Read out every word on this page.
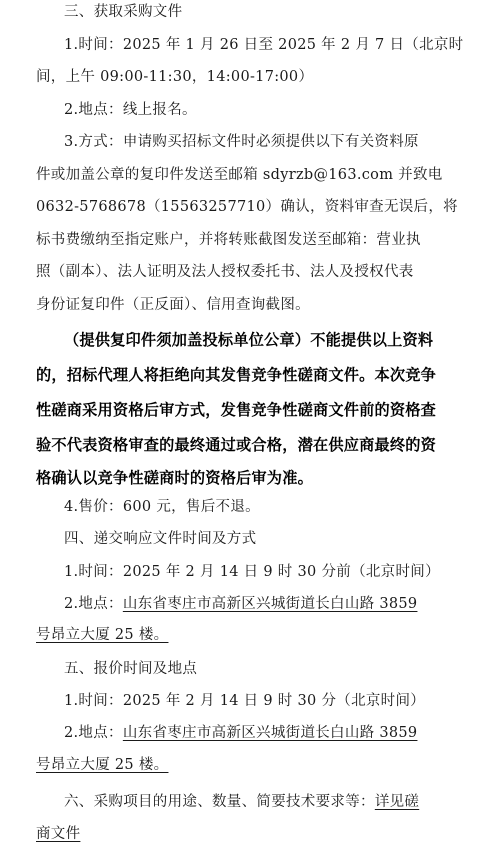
三、获取采购文件
1.时间：2025 年 1 月 26 日至 2025 年 2 月 7 日（北京时
间，上午 09:00-11:30，14:00-17:00）
2.地点：线上报名。
3.方式：申请购买招标文件时必须提供以下有关资料原
件或加盖公章的复印件发送至邮箱 sdyrzb@163.com 并致电
0632-5768678（15563257710）确认，资料审查无误后，将
标书费缴纳至指定账户，并将转账截图发送至邮箱：营业执
照（副本）、法人证明及法人授权委托书、法人及授权代表
身份证复印件（正反面）、信用查询截图。
（提供复印件须加盖投标单位公章）不能提供以上资料
的，招标代理人将拒绝向其发售竞争性磋商文件。本次竞争
性磋商采用资格后审方式，发售竞争性磋商文件前的资格查
验不代表资格审查的最终通过或合格，潜在供应商最终的资
格确认以竞争性磋商时的资格后审为准。
4.售价：600 元，售后不退。
四、递交响应文件时间及方式
1.时间：2025 年 2 月 14 日 9 时 30 分前（北京时间）
2.地点：山东省枣庄市高新区兴城街道长白山路 3859
号昂立大厦 25 楼。
五、报价时间及地点
1.时间：2025 年 2 月 14 日 9 时 30 分（北京时间）
2.地点：山东省枣庄市高新区兴城街道长白山路 3859
号昂立大厦 25 楼。
六、采购项目的用途、数量、简要技术要求等：详见磋
商文件
